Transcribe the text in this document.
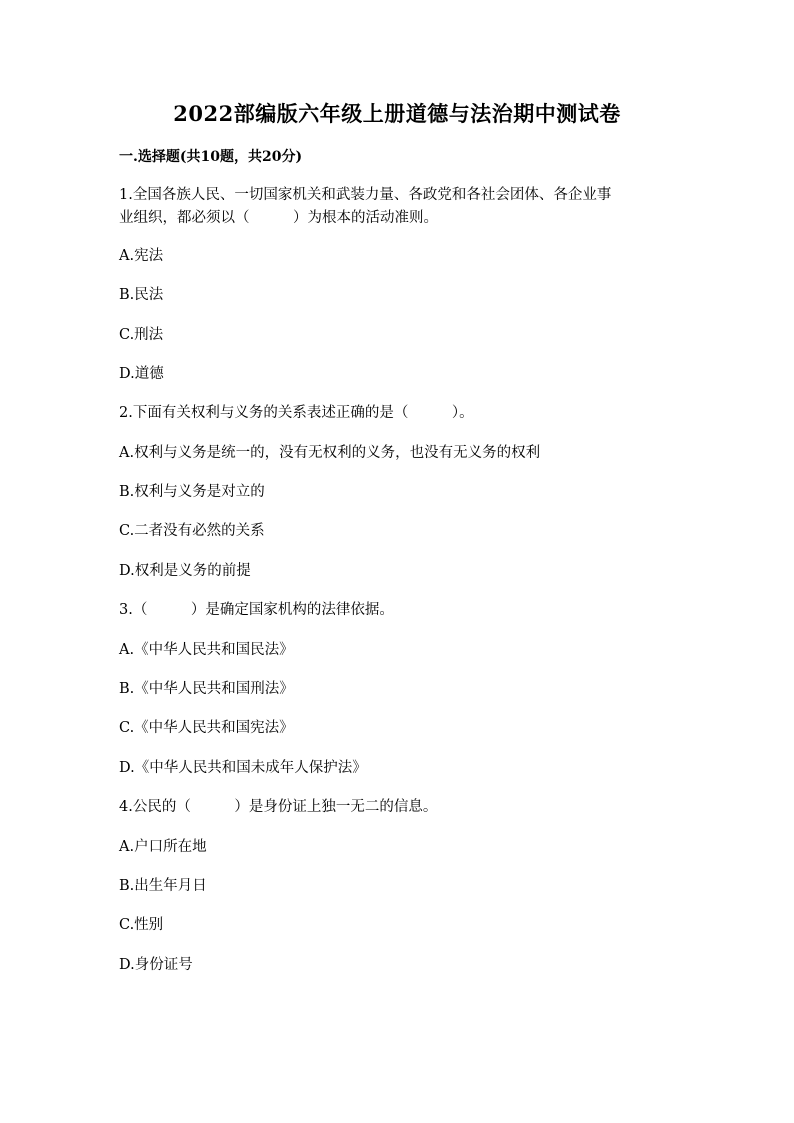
2022部编版六年级上册道德与法治期中测试卷
一.选择题(共10题，共20分)
1.全国各族人民、一切国家机关和武装力量、各政党和各社会团体、各企业事
业组织，都必须以（　　　）为根本的活动准则。
A.宪法
B.民法
C.刑法
D.道德
2.下面有关权利与义务的关系表述正确的是（　　　）。
A.权利与义务是统一的，没有无权利的义务，也没有无义务的权利
B.权利与义务是对立的
C.二者没有必然的关系
D.权利是义务的前提
3.（　　　）是确定国家机构的法律依据。
A.《中华人民共和国民法》
B.《中华人民共和国刑法》
C.《中华人民共和国宪法》
D.《中华人民共和国未成年人保护法》
4.公民的（　　　）是身份证上独一无二的信息。
A.户口所在地
B.出生年月日
C.性别
D.身份证号
